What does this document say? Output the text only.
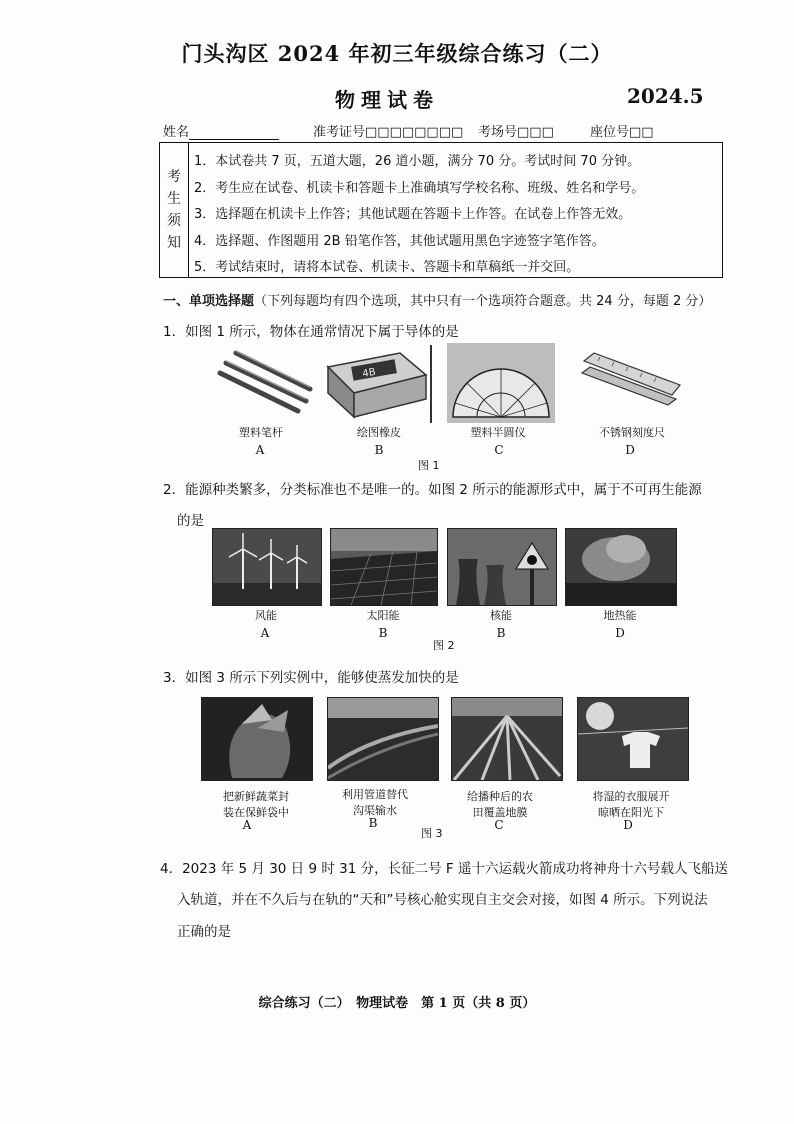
门头沟区 2024 年初三年级综合练习（二）
物理试卷	2024.5
姓名	准考证号□□□□□□□□ 考场号□□□	座位号□□
考
生
须
知
1．本试卷共 7 页，五道大题，26 道小题，满分 70 分。考试时间 70 分钟。
2．考生应在试卷、机读卡和答题卡上准确填写学校名称、班级、姓名和学号。
3．选择题在机读卡上作答；其他试题在答题卡上作答。在试卷上作答无效。
4．选择题、作图题用 2B 铅笔作答，其他试题用黑色字迹签字笔作答。
5．考试结束时，请将本试卷、机读卡、答题卡和草稿纸一并交回。
一、单项选择题（下列每题均有四个选项，其中只有一个选项符合题意。共 24 分，每题 2 分）
1．如图 1 所示，物体在通常情况下属于导体的是
4B
塑料笔杆	绘图橡皮	塑料半圆仪	不锈钢刻度尺
A	B	C	D
图 1
2．能源种类繁多，分类标准也不是唯一的。如图 2 所示的能源形式中，属于不可再生能源
的是
风能	太阳能	核能	地热能
A	B	B	D
图 2
3．如图 3 所示下列实例中，能够使蒸发加快的是
把新鲜蔬菜封
装在保鲜袋中
利用管道替代
沟渠输水
给播种后的农
田覆盖地膜
将湿的衣服展开
晾晒在阳光下
A	B	C	D
图 3
4．2023 年 5 月 30 日 9 时 31 分，长征二号 F 遥十六运载火箭成功将神舟十六号载人飞船送
入轨道，并在不久后与在轨的“天和”号核心舱实现自主交会对接，如图 4 所示。下列说法
正确的是
综合练习（二）　物理试卷　第 1 页（共 8 页）
